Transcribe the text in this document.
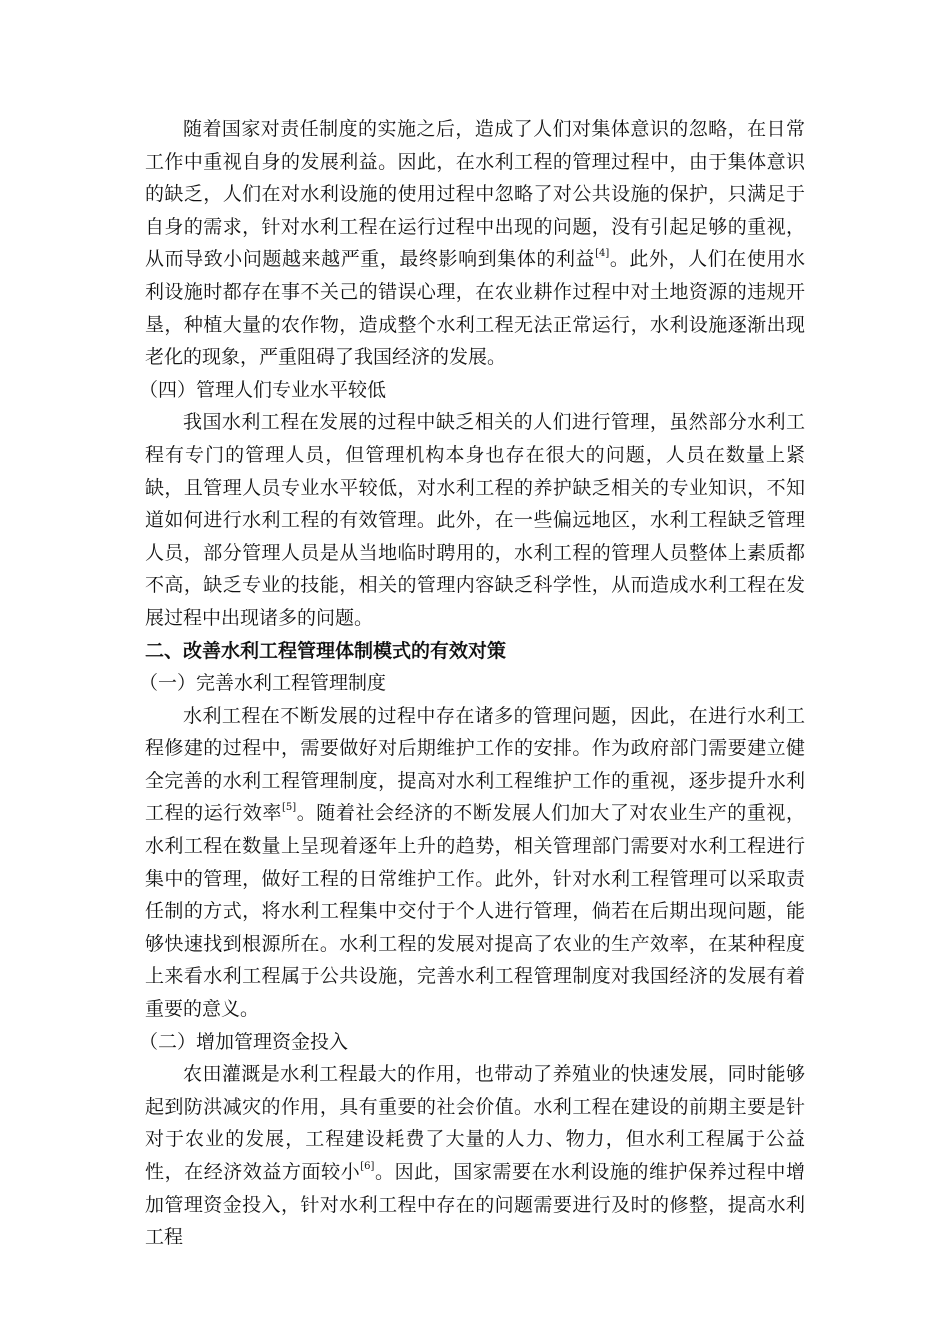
随着国家对责任制度的实施之后，造成了人们对集体意识的忽略，在日常工作中重视自身的发展利益。因此，在水利工程的管理过程中，由于集体意识的缺乏，人们在对水利设施的使用过程中忽略了对公共设施的保护，只满足于自身的需求，针对水利工程在运行过程中出现的问题，没有引起足够的重视，从而导致小问题越来越严重，最终影响到集体的利益[4]。此外，人们在使用水利设施时都存在事不关己的错误心理，在农业耕作过程中对土地资源的违规开垦，种植大量的农作物，造成整个水利工程无法正常运行，水利设施逐渐出现老化的现象，严重阻碍了我国经济的发展。

（四）管理人们专业水平较低

我国水利工程在发展的过程中缺乏相关的人们进行管理，虽然部分水利工程有专门的管理人员，但管理机构本身也存在很大的问题，人员在数量上紧缺，且管理人员专业水平较低，对水利工程的养护缺乏相关的专业知识，不知道如何进行水利工程的有效管理。此外，在一些偏远地区，水利工程缺乏管理人员，部分管理人员是从当地临时聘用的，水利工程的管理人员整体上素质都不高，缺乏专业的技能，相关的管理内容缺乏科学性，从而造成水利工程在发展过程中出现诸多的问题。

二、改善水利工程管理体制模式的有效对策

（一）完善水利工程管理制度

水利工程在不断发展的过程中存在诸多的管理问题，因此，在进行水利工程修建的过程中，需要做好对后期维护工作的安排。作为政府部门需要建立健全完善的水利工程管理制度，提高对水利工程维护工作的重视，逐步提升水利工程的运行效率[5]。随着社会经济的不断发展人们加大了对农业生产的重视，水利工程在数量上呈现着逐年上升的趋势，相关管理部门需要对水利工程进行集中的管理，做好工程的日常维护工作。此外，针对水利工程管理可以采取责任制的方式，将水利工程集中交付于个人进行管理，倘若在后期出现问题，能够快速找到根源所在。水利工程的发展对提高了农业的生产效率，在某种程度上来看水利工程属于公共设施，完善水利工程管理制度对我国经济的发展有着重要的意义。

（二）增加管理资金投入

农田灌溉是水利工程最大的作用，也带动了养殖业的快速发展，同时能够起到防洪减灾的作用，具有重要的社会价值。水利工程在建设的前期主要是针对于农业的发展，工程建设耗费了大量的人力、物力，但水利工程属于公益性，在经济效益方面较小[6]。因此，国家需要在水利设施的维护保养过程中增加管理资金投入，针对水利工程中存在的问题需要进行及时的修整，提高水利工程
